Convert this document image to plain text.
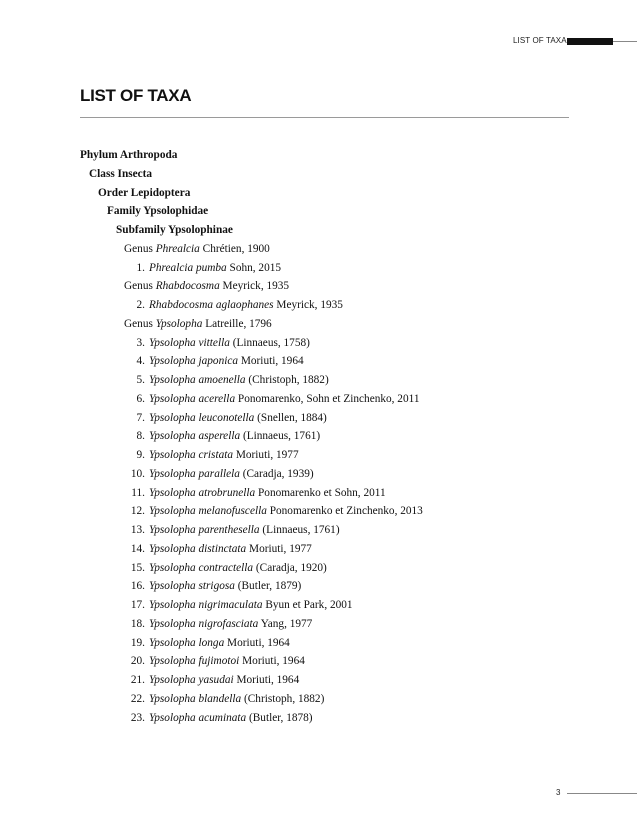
LIST OF TAXA
LIST OF TAXA
Phylum Arthropoda
Class Insecta
Order Lepidoptera
Family Ypsolophidae
Subfamily Ypsolophinae
Genus Phrealcia Chrétien, 1900
1. Phrealcia pumba Sohn, 2015
Genus Rhabdocosma Meyrick, 1935
2. Rhabdocosma aglaophanes Meyrick, 1935
Genus Ypsolopha Latreille, 1796
3. Ypsolopha vittella (Linnaeus, 1758)
4. Ypsolopha japonica Moriuti, 1964
5. Ypsolopha amoenella (Christoph, 1882)
6. Ypsolopha acerella Ponomarenko, Sohn et Zinchenko, 2011
7. Ypsolopha leuconotella (Snellen, 1884)
8. Ypsolopha asperella (Linnaeus, 1761)
9. Ypsolopha cristata Moriuti, 1977
10. Ypsolopha parallela (Caradja, 1939)
11. Ypsolopha atrobrunella Ponomarenko et Sohn, 2011
12. Ypsolopha melanofuscella Ponomarenko et Zinchenko, 2013
13. Ypsolopha parenthesella (Linnaeus, 1761)
14. Ypsolopha distinctata Moriuti, 1977
15. Ypsolopha contractella (Caradja, 1920)
16. Ypsolopha strigosa (Butler, 1879)
17. Ypsolopha nigrimaculata Byun et Park, 2001
18. Ypsolopha nigrofasciata Yang, 1977
19. Ypsolopha longa Moriuti, 1964
20. Ypsolopha fujimotoi Moriuti, 1964
21. Ypsolopha yasudai Moriuti, 1964
22. Ypsolopha blandella (Christoph, 1882)
23. Ypsolopha acuminata (Butler, 1878)
3
